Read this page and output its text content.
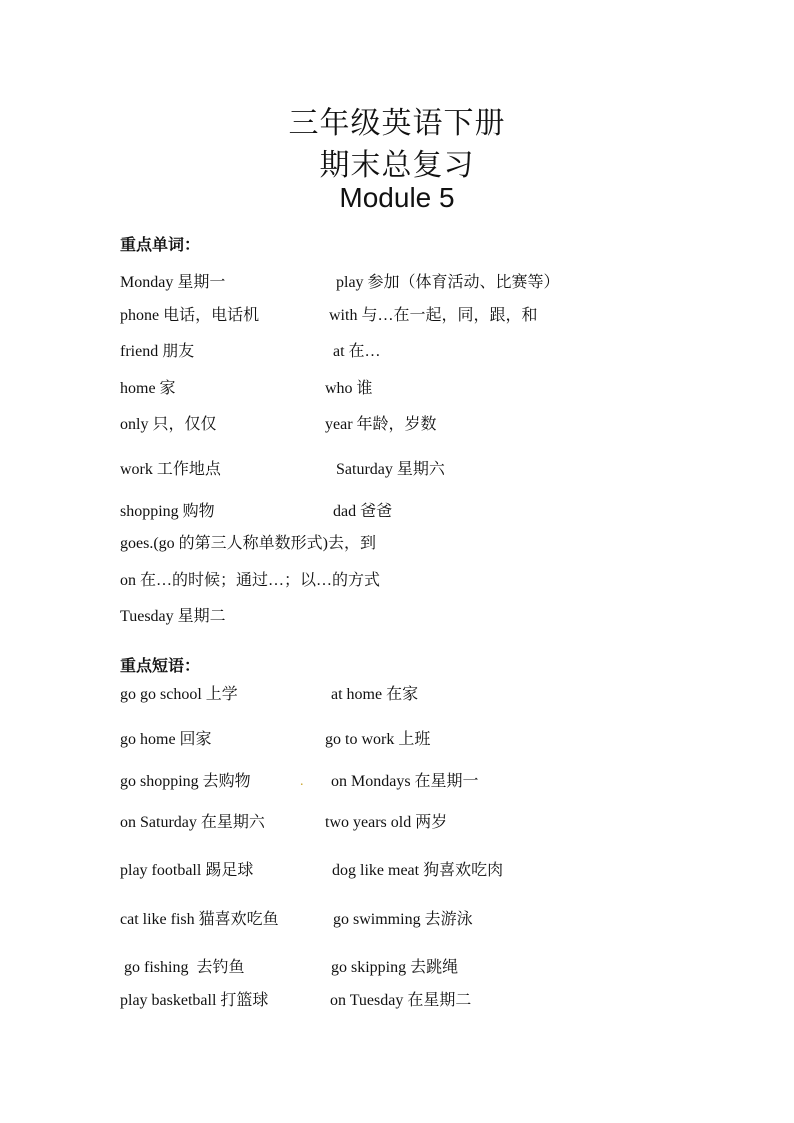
三年级英语下册
期末总复习
Module 5
重点单词：
Monday 星期一	play 参加（体育活动、比赛等）
phone 电话，电话机	with 与…在一起，同，跟，和
friend 朋友	at 在…
home 家	who 谁
only 只，仅仅	year 年龄，岁数
work 工作地点	Saturday 星期六
shopping 购物	dad 爸爸
goes.(go 的第三人称单数形式)去，到
on 在…的时候；通过…；以…的方式
Tuesday 星期二
重点短语：
go go school 上学	at home 在家
go home 回家	go to work 上班
go shopping 去购物	. on Mondays 在星期一
on Saturday 在星期六	two years old 两岁
play football 踢足球	dog like meat 狗喜欢吃肉
cat like fish 猫喜欢吃鱼	go swimming 去游泳
go fishing  去钓鱼	go skipping 去跳绳
play basketball 打篮球	on Tuesday 在星期二
